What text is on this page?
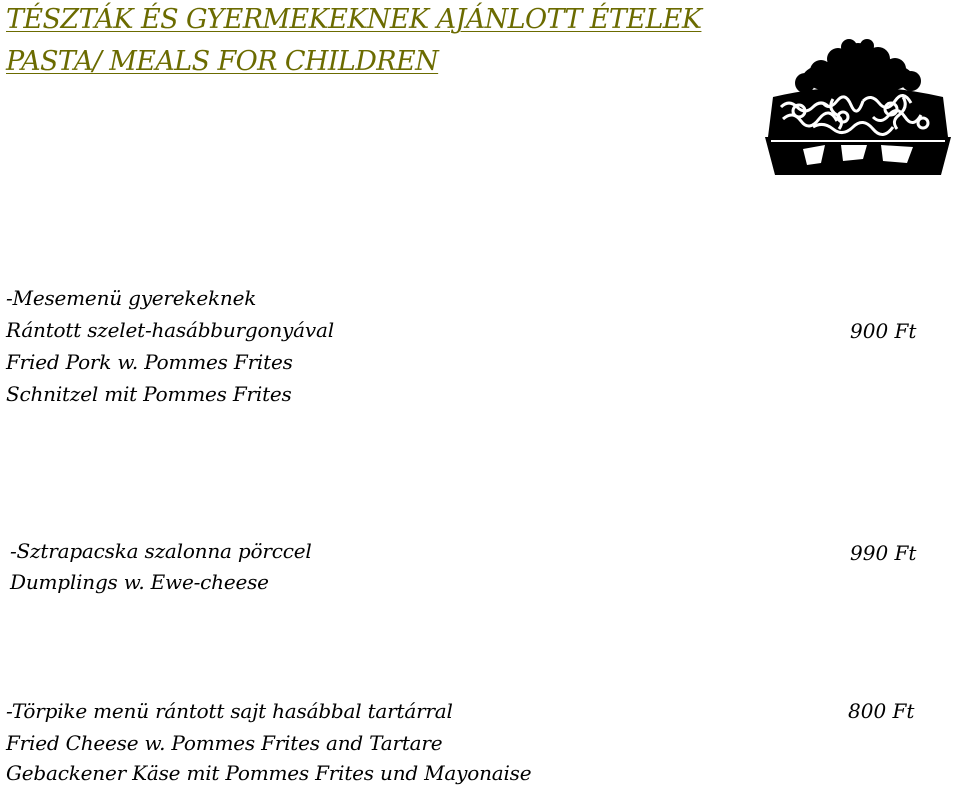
TÉSZTÁK ÉS GYERMEKEKNEK AJÁNLOTT ÉTELEK
PASTA/ MEALS FOR CHILDREN
-Mesemenü gyerekeknek
Rántott szelet-hasábburgonyával
Fried Pork w. Pommes Frites
Schnitzel mit Pommes Frites
900 Ft
-Sztrapacska szalonna pörccel
Dumplings w. Ewe-cheese
990 Ft
-Törpike menü rántott sajt hasábbal tartárral
Fried Cheese w. Pommes Frites and Tartare
Gebackener Käse mit Pommes Frites und Mayonaise
800 Ft
